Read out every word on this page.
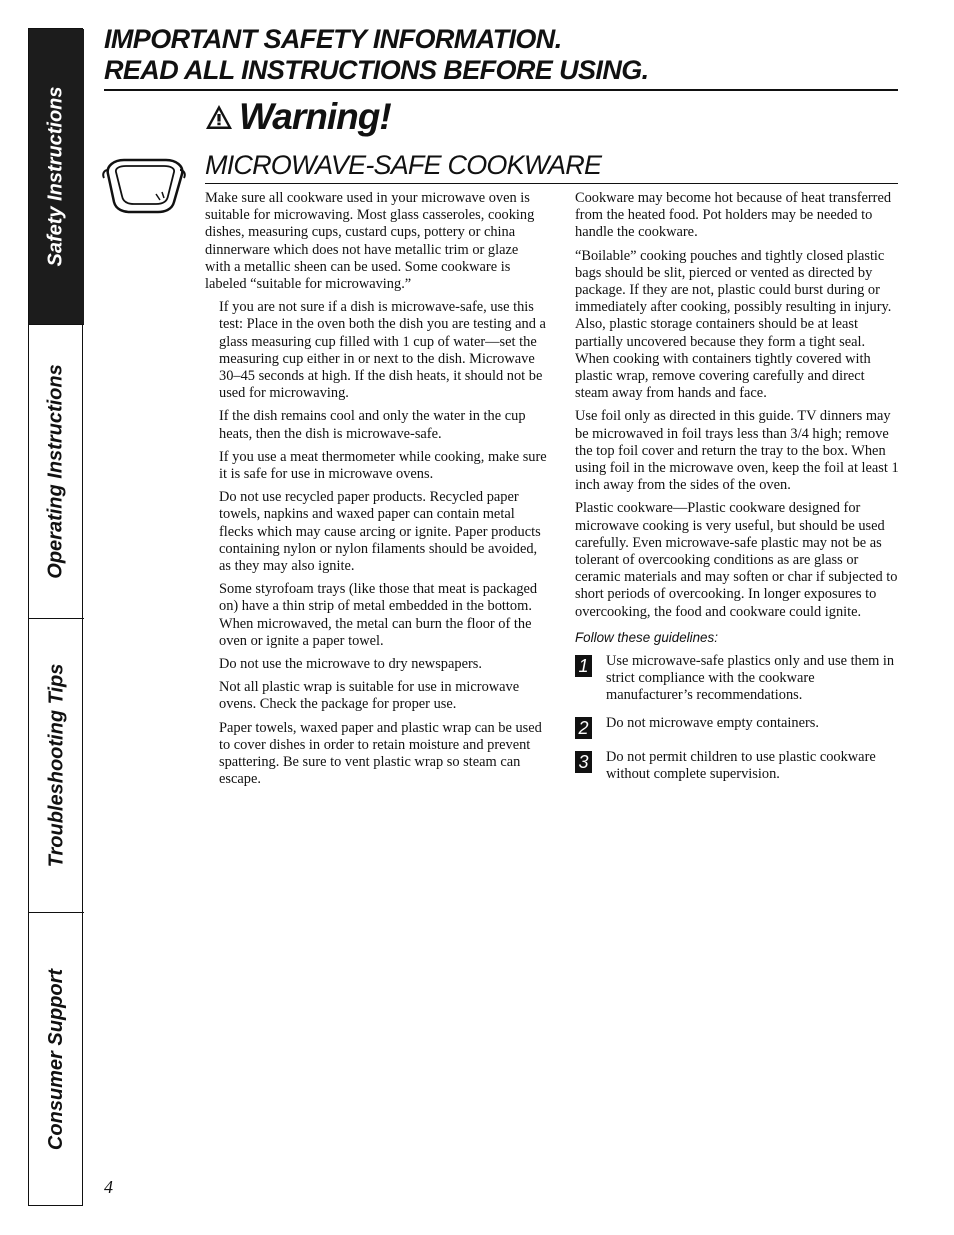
Safety Instructions
Operating Instructions
Troubleshooting Tips
Consumer Support
IMPORTANT SAFETY INFORMATION.
READ ALL INSTRUCTIONS BEFORE USING.
Warning!
MICROWAVE-SAFE COOKWARE

Make sure all cookware used in your microwave oven is suitable for microwaving. Most glass casseroles, cooking dishes, measuring cups, custard cups, pottery or china dinnerware which does not have metallic trim or glaze with a metallic sheen can be used. Some cookware is labeled “suitable for microwaving.”

If you are not sure if a dish is microwave-safe, use this test: Place in the oven both the dish you are testing and a glass measuring cup filled with 1 cup of water—set the measuring cup either in or next to the dish. Microwave 30–45 seconds at high. If the dish heats, it should not be used for microwaving.

If the dish remains cool and only the water in the cup heats, then the dish is microwave-safe.

If you use a meat thermometer while cooking, make sure it is safe for use in microwave ovens.

Do not use recycled paper products. Recycled paper towels, napkins and waxed paper can contain metal flecks which may cause arcing or ignite. Paper products containing nylon or nylon filaments should be avoided, as they may also ignite.

Some styrofoam trays (like those that meat is packaged on) have a thin strip of metal embedded in the bottom. When microwaved, the metal can burn the floor of the oven or ignite a paper towel.

Do not use the microwave to dry newspapers.

Not all plastic wrap is suitable for use in microwave ovens. Check the package for proper use.

Paper towels, waxed paper and plastic wrap can be used to cover dishes in order to retain moisture and prevent spattering. Be sure to vent plastic wrap so steam can escape.

Cookware may become hot because of heat transferred from the heated food. Pot holders may be needed to handle the cookware.

“Boilable” cooking pouches and tightly closed plastic bags should be slit, pierced or vented as directed by package. If they are not, plastic could burst during or immediately after cooking, possibly resulting in injury. Also, plastic storage containers should be at least partially uncovered because they form a tight seal. When cooking with containers tightly covered with plastic wrap, remove covering carefully and direct steam away from hands and face.

Use foil only as directed in this guide. TV dinners may be microwaved in foil trays less than 3/4 high; remove the top foil cover and return the tray to the box. When using foil in the microwave oven, keep the foil at least 1 inch away from the sides of the oven.

Plastic cookware—Plastic cookware designed for microwave cooking is very useful, but should be used carefully. Even microwave-safe plastic may not be as tolerant of overcooking conditions as are glass or ceramic materials and may soften or char if subjected to short periods of overcooking. In longer exposures to overcooking, the food and cookware could ignite.

Follow these guidelines:

1 Use microwave-safe plastics only and use them in strict compliance with the cookware manufacturer’s recommendations.
2 Do not microwave empty containers.
3 Do not permit children to use plastic cookware without complete supervision.
4
